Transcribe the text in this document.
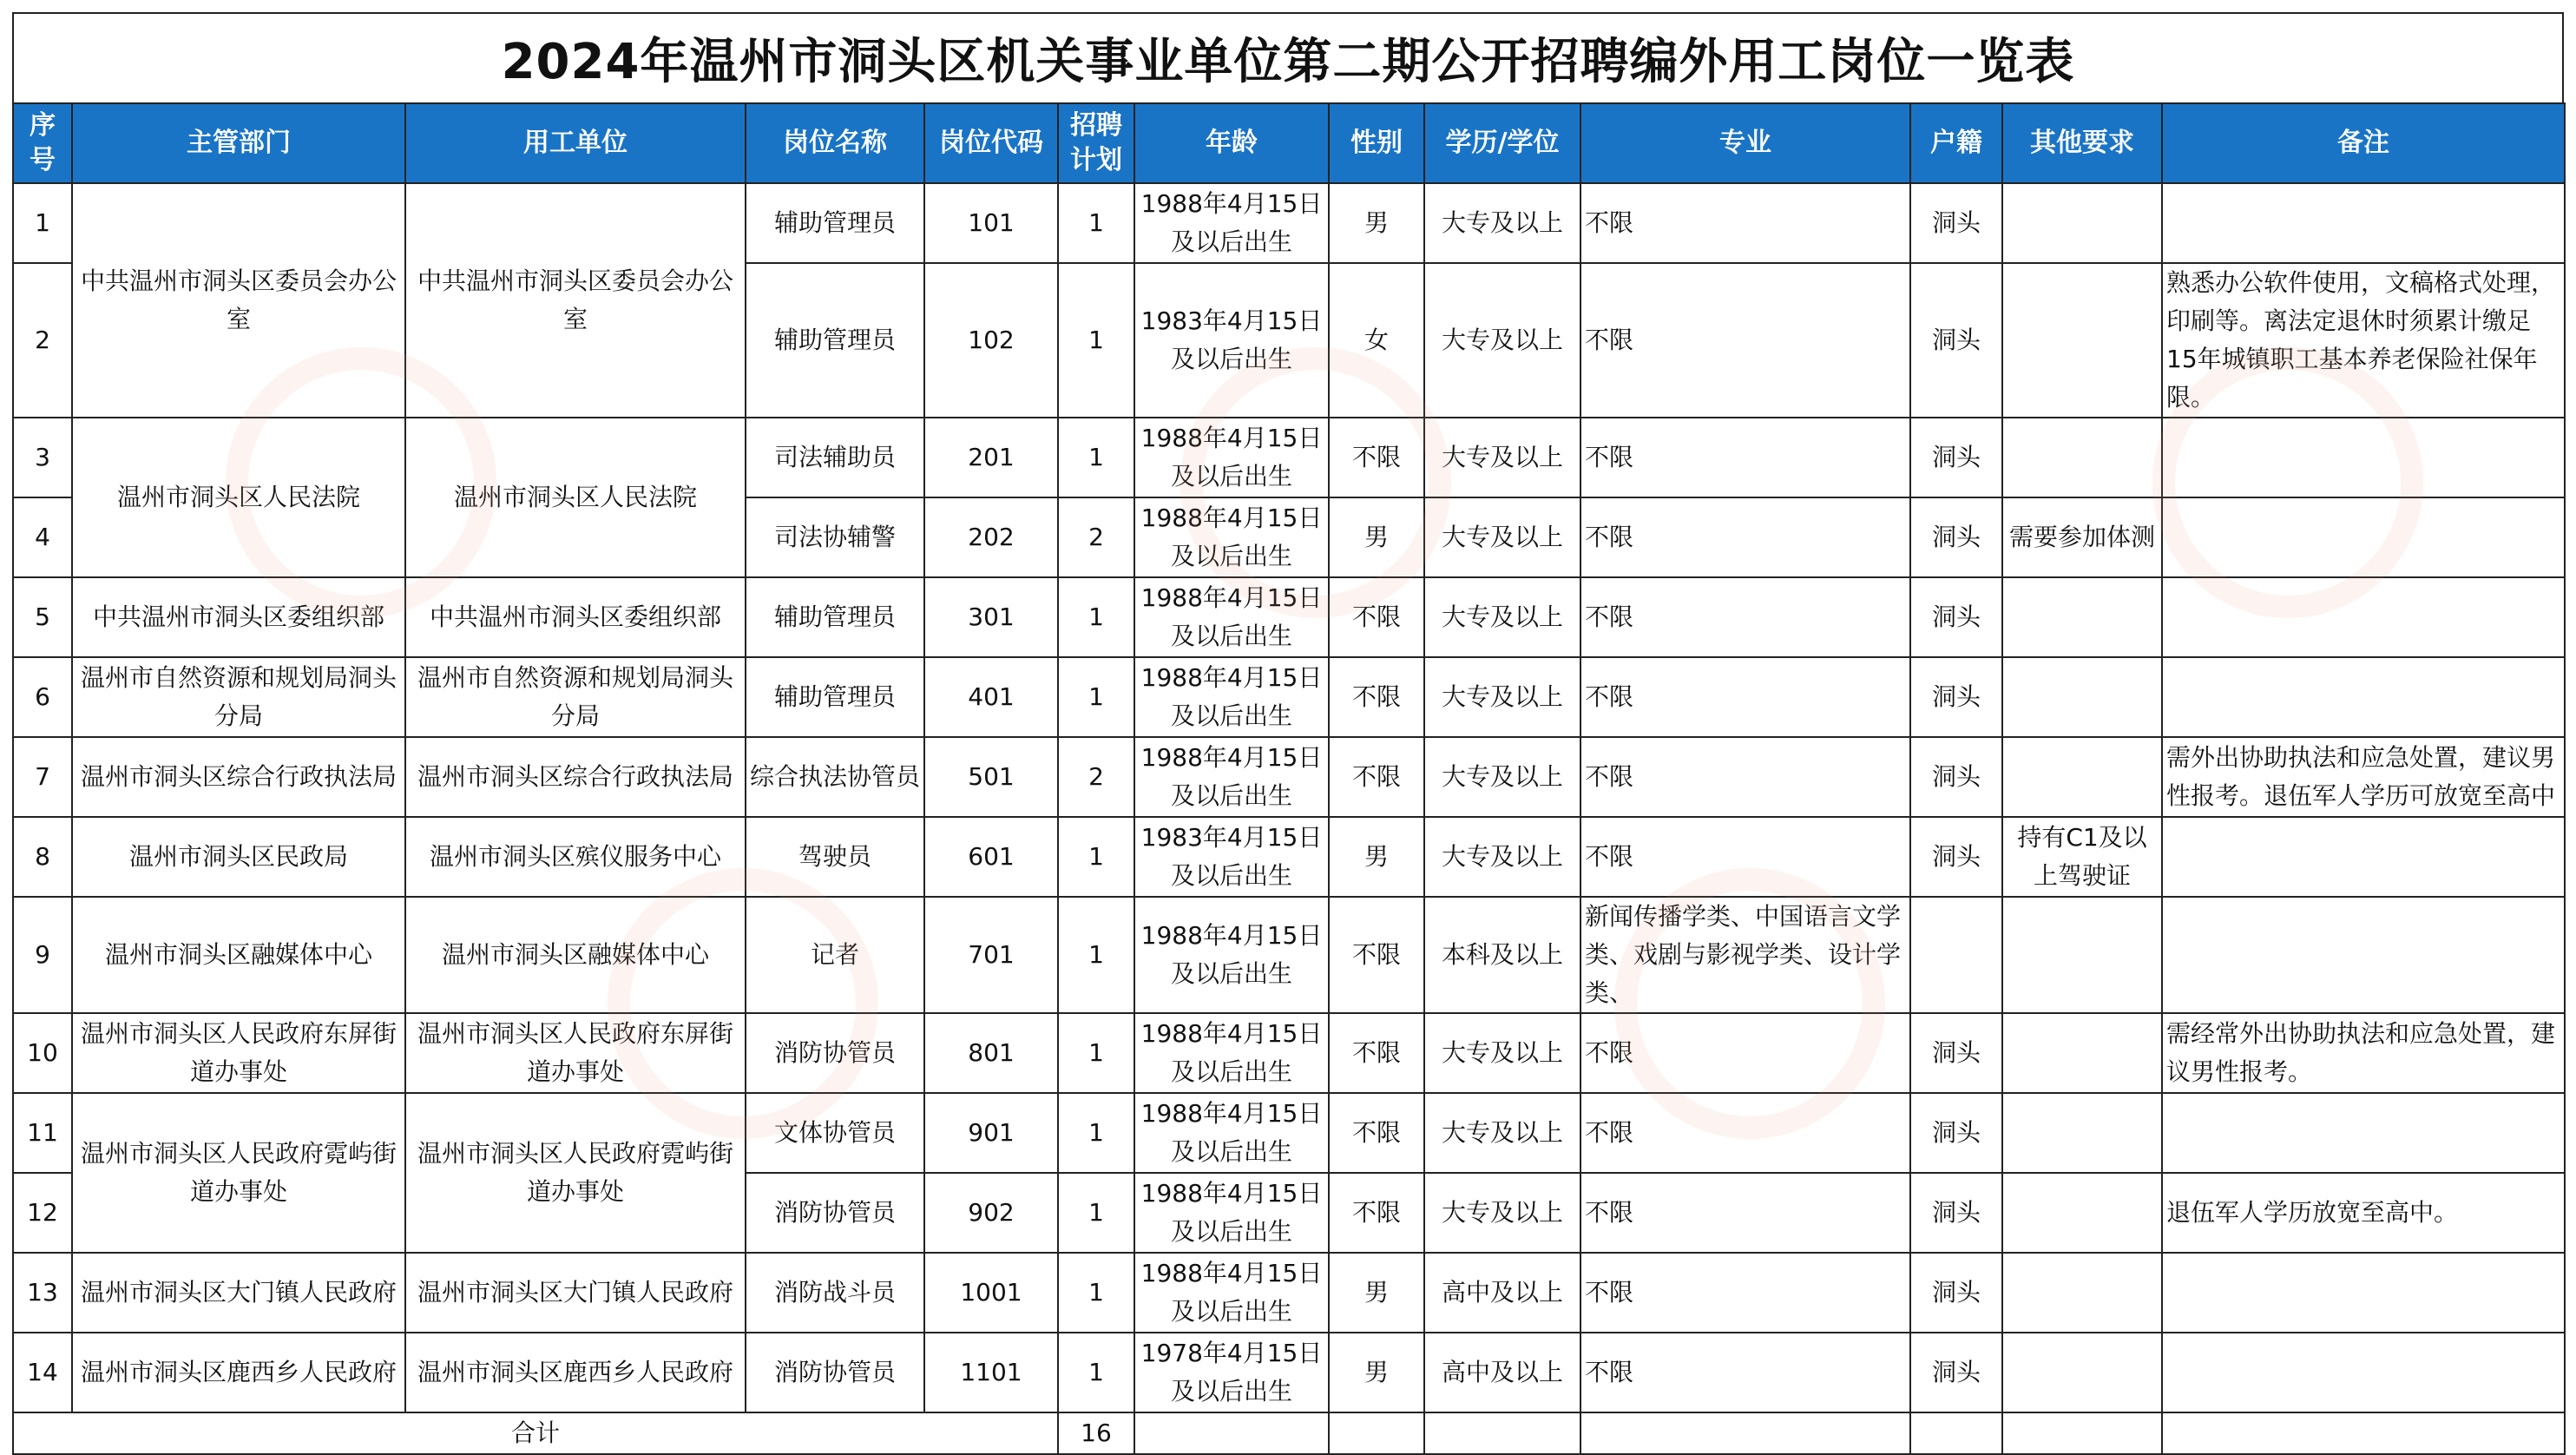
2024年温州市洞头区机关事业单位第二期公开招聘编外用工岗位一览表
序号	主管部门	用工单位	岗位名称	岗位代码	招聘计划	年龄	性别	学历/学位	专业	户籍	其他要求	备注
1	中共温州市洞头区委员会办公室	中共温州市洞头区委员会办公室	辅助管理员	101	1	1988年4月15日及以后出生	男	大专及以上	不限	洞头		
2			辅助管理员	102	1	1983年4月15日及以后出生	女	大专及以上	不限	洞头		熟悉办公软件使用，文稿格式处理，印刷等。离法定退休时须累计缴足15年城镇职工基本养老保险社保年限。
3	温州市洞头区人民法院	温州市洞头区人民法院	司法辅助员	201	1	1988年4月15日及以后出生	不限	大专及以上	不限	洞头		
4			司法协辅警	202	2	1988年4月15日及以后出生	男	大专及以上	不限	洞头	需要参加体测	
5	中共温州市洞头区委组织部	中共温州市洞头区委组织部	辅助管理员	301	1	1988年4月15日及以后出生	不限	大专及以上	不限	洞头		
6	温州市自然资源和规划局洞头分局	温州市自然资源和规划局洞头分局	辅助管理员	401	1	1988年4月15日及以后出生	不限	大专及以上	不限	洞头		
7	温州市洞头区综合行政执法局	温州市洞头区综合行政执法局	综合执法协管员	501	2	1988年4月15日及以后出生	不限	大专及以上	不限	洞头		需外出协助执法和应急处置，建议男性报考。退伍军人学历可放宽至高中
8	温州市洞头区民政局	温州市洞头区殡仪服务中心	驾驶员	601	1	1983年4月15日及以后出生	男	大专及以上	不限	洞头	持有C1及以上驾驶证	
9	温州市洞头区融媒体中心	温州市洞头区融媒体中心	记者	701	1	1988年4月15日及以后出生	不限	本科及以上	新闻传播学类、中国语言文学类、戏剧与影视学类、设计学类、			
10	温州市洞头区人民政府东屏街道办事处	温州市洞头区人民政府东屏街道办事处	消防协管员	801	1	1988年4月15日及以后出生	不限	大专及以上	不限	洞头		需经常外出协助执法和应急处置，建议男性报考。
11	温州市洞头区人民政府霓屿街道办事处	温州市洞头区人民政府霓屿街道办事处	文体协管员	901	1	1988年4月15日及以后出生	不限	大专及以上	不限	洞头		
12			消防协管员	902	1	1988年4月15日及以后出生	不限	大专及以上	不限	洞头		退伍军人学历放宽至高中。
13	温州市洞头区大门镇人民政府	温州市洞头区大门镇人民政府	消防战斗员	1001	1	1988年4月15日及以后出生	男	高中及以上	不限	洞头		
14	温州市洞头区鹿西乡人民政府	温州市洞头区鹿西乡人民政府	消防协管员	1101	1	1978年4月15日及以后出生	男	高中及以上	不限	洞头		
合计					16							
